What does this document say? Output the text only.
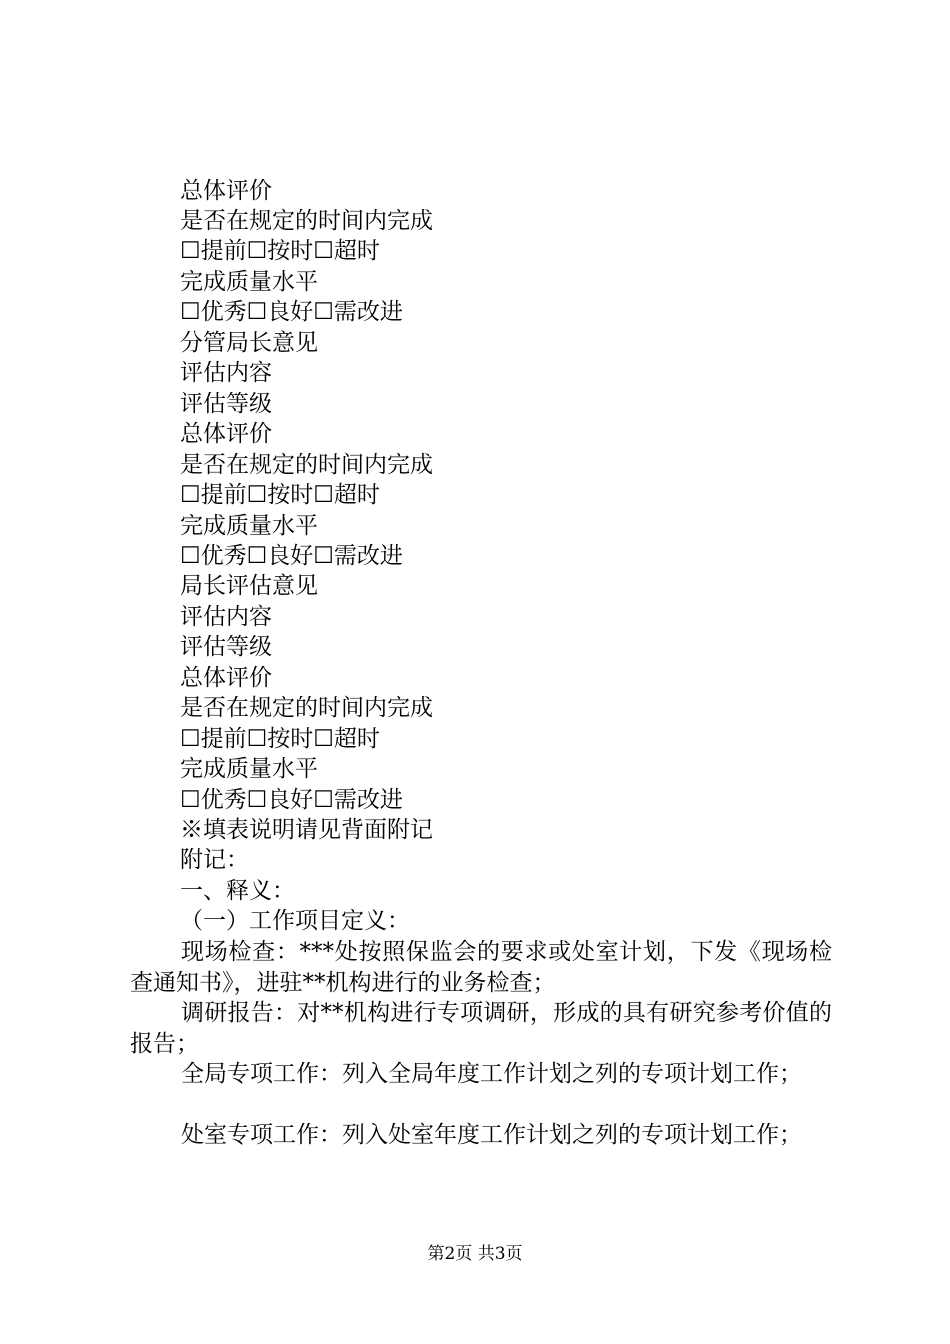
总体评价
是否在规定的时间内完成
☐提前☐按时☐超时
完成质量水平
☐优秀☐良好☐需改进
分管局长意见
评估内容
评估等级
总体评价
是否在规定的时间内完成
☐提前☐按时☐超时
完成质量水平
☐优秀☐良好☐需改进
局长评估意见
评估内容
评估等级
总体评价
是否在规定的时间内完成
☐提前☐按时☐超时
完成质量水平
☐优秀☐良好☐需改进
※填表说明请见背面附记
附记：
一、释义：
（一）工作项目定义：
现场检查：***处按照保监会的要求或处室计划，下发《现场检查通知书》，进驻**机构进行的业务检查；
调研报告：对**机构进行专项调研，形成的具有研究参考价值的报告；
全局专项工作：列入全局年度工作计划之列的专项计划工作；
处室专项工作：列入处室年度工作计划之列的专项计划工作；
第2页 共3页
